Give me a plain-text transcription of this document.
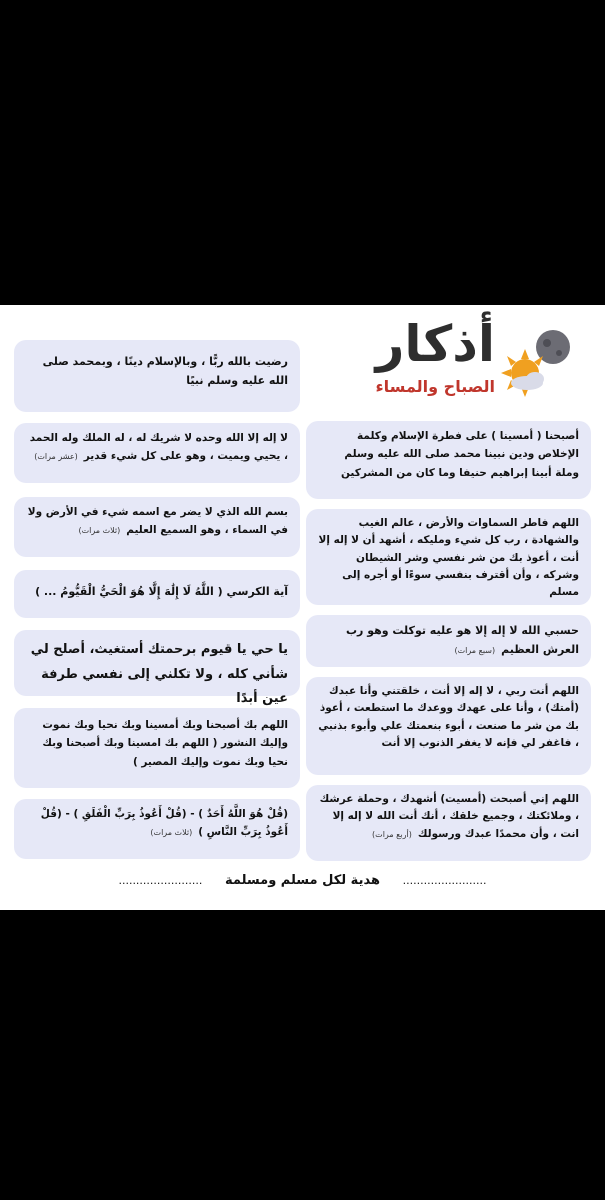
أذكار
الصباح والمساء
رضيت بالله ربًّا ، وبالإسلام دينًا ، وبمحمد صلى الله عليه وسلم نبيًا
لا إله إلا الله وحده لا شريك له ، له الملك وله الحمد ، يحيي ويميت ، وهو على كل شيء قدير(عشر مرات)
بسم الله الذي لا يضر مع اسمه شيء في الأرض ولا في السماء ، وهو السميع العليم(ثلاث مرات)
آية الكرسي ( اللَّهُ لَا إِلَٰهَ إِلَّا هُوَ الْحَيُّ الْقَيُّومُ ... )
يا حي يا قيوم برحمتك أستغيث، أصلح لي شأني كله ، ولا تكلني إلى نفسي طرفة عين أبدًا
اللهم بك أصبحنا وبك أمسينا وبك نحيا وبك نموت وإليك النشور ( اللهم بك امسينا وبك أصبحنا وبك نحيا وبك نموت وإليك المصير )
(قُلْ هُوَ اللَّهُ أَحَدٌ ) - (قُلْ أَعُوذُ بِرَبِّ الْفَلَقِ ) - (قُلْ أَعُوذُ بِرَبِّ النَّاسِ )(ثلاث مرات)
أصبحنا ( أمسينا ) على فطرة الإسلام وكلمة الإخلاص ودين نبينا محمد صلى الله عليه وسلم وملة أبينا إبراهيم حنيفا وما كان من المشركين
اللهم فاطر السماوات والأرض ، عالم الغيب والشهادة ، رب كل شيء ومليكه ، أشهد أن لا إله إلا أنت ، أعوذ بك من شر نفسي وشر الشيطان وشركه ، وأن أقترف بنفسي سوءًا أو أجره إلى مسلم
حسبي الله لا إله إلا هو عليه توكلت وهو رب العرش العظيم(سبع مرات)
اللهم أنت ربي ، لا إله إلا أنت ، خلقتني وأنا عبدك (أمتك) ، وأنا على عهدك ووعدك ما استطعت ، أعوذ بك من شر ما صنعت ، أبوء بنعمتك علي وأبوء بذنبي ، فاغفر لي فإنه لا يغفر الذنوب إلا أنت
اللهم إني أصبحت (أمسيت) أشهدك ، وحملة عرشك ، وملائكتك ، وجميع خلقك ، أنك أنت الله لا إله إلا انت ، وأن محمدًا عبدك ورسولك(أربع مرات)
........................     هدية لكل مسلم ومسلمة     ........................
